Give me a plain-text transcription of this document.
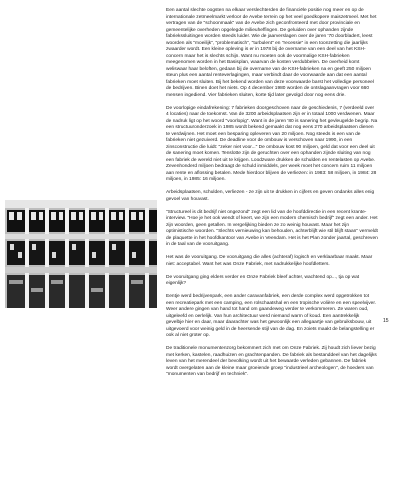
Een aantal slechte oogsten na elkaar verslechterden de financiële positie nog meer en op de internationale zetmeelmarkt verloor de Avebe terrein op het veel goedkopere maiszetmeel. Met het vertragen van de "schoonmaak" van de Avebe zich geconfronteerd met door provinciale en gemeentelijke overheden opgelegde milieuheffingen. De geluiden over ophanden zijnde fabriekssluitingen worden steeds luider. Wie de jaarverslagen over de jaren '70 doorbladert, leest woorden als "moeilijk", "problematisch", "turbulent" en "recessie" in een toonzetting die jaarlijks zwaarder wordt. Een kleine opleving is er in 1978 bij de overname van een deel van het KSH-concern maar het is slechts schijn. Want nu moeten ook de voormalige KSH-fabrieken meegenomen worden in het Basisplan, waarvan de kosten verdubbelen. De overheid komt weliswaar haar beloften, gedaan bij de overname van de KSH-fabrieken na en geeft 250 miljoen steun plus een aantal renteverlagingen, maar verbindt daar de voorwaarde aan dat een aantal fabrieken moet sluiten. Bij het bekend worden van deze voorwaarde barst het volledige personeel de bedrijven. Binen doet het niets. Op 4 december 1980 worden de ontslagaanvragen voor 660 mensen ingediend. Vier fabrieken sluiten, korte tijd later gevolgd door nog eens drie.

De voorlopige eindafrekening: 7 fabrieken doorgeschoven naar de geschiedenis, 7 (verdeeld over 4 locaties) naar de toekomst. Van de 3200 arbeidsplaatsen zijn er in totaal 1000 verdwenen. Maar de nadruk ligt op het woord "voorlopig". Want in de jaren '80 is sanering het gevleugelde begrip. Na een structuuronderzoek in 1985 wordt bekend gemaakt dat nog eens 270 arbeidsplaatsen dienen te verdwijnen. Het moet een besparing opleveren van 20 miljoen. Nog steeds is een van de fabrieken niet gezuiverd. De deadline voor de ombouw is verschoven naar 1990, in een zinsconstructie die luidt: "zeker niet voor..." De ombouw kost 90 miljoen, geld dat voor een deel uit de sanering moet komen. Tenslotte zijn de geruchten over een ophanden zijnde sluiting van nog een fabriek de wereld niet uit te krijgen. Loodzware drukken de schulden en rentelasten op Avebe. Zevenhonderd miljoen bedraagt de schuld inmiddels, per week moet het concern ruim 11 miljoen aan rente en aflossing betalen. Mede hierdoor blijven de verliezen: in 1983: 58 miljoen, in 1984: 28 miljoen, in 1985: 16 miljoen.

Arbeidsplaatsen, schulden, verliezen - ze zijn uit te drukken in cijfers en geven ondanks alles enig gevoel van houvast.

"Structureel is dit bedrijf niet ongezond" zegt een lid van de hoofddirectie in een recent krante-interview. "Hoe je het ook wendt of keert, we zijn een modern chemisch bedrijf" zegt een ander. Het zijn woorden, geen getallen. In vergelijking bieden ze zo weinig houvast. Maar het zijn optimistische woorden. "Slechts vernieuwing kan behouden, achterblijft wie stil blijft staan" vermeldt de plaquette in het hoofdkantoor van Avebe in Veendam. Het is het Plan zonder jaartal, geschreven in de taal van de vooruitgang.

Het was de vooruitgang. De vooruitgang die alles (achteraf) logisch en verklaarbaar maakt. Maar niet: acceptabel. Want het was Onze Fabriek, met nadrukkelijke hoofdletters.

De vooruitgang ging elders verder en Onze Fabriek bleef achter, wachtend op..., tja op wat eigenlijk?

Eentje werd bedrijvenpark, een ander caravanfabriek, een derde complex werd opgetrokken tot een recreatiepark met een camping, een rolschaatshal en een tropische volière en een speelvijver. Weer andere gingen van hand tot hand om gaandeweg verder te verkommeren. Ze waren oud, uitgeleefd en oerlelijk. Van hun architectuur werd niemand warm of koud. Een aantrekkelijk gevelbje hier en daar, maar daarachter was het gewoonlijk een allegaartje van gebruiksbouw, uit uitgevoerd voor weinig geld in de heersende stijl van de dag. En zoiets maakt de belangstelling er ook al niet groter op.

De traditionele monumentenzorg bekommert zich met om Onze Fabriek. Zij houdt zich liever bezig met kerken, kastelen, raadhuizen en grachtenpanden. De fabriek als bestanddeel van het dagelijks leven van het merendeel der bevolking wordt uit het bewaarde verleden gebannen. De fabriek wordt overgelaten aan de kleine maar groeiende groep "industrieel archeologen", de hoeders van "monumenten van bedrijf en techniek".

15
